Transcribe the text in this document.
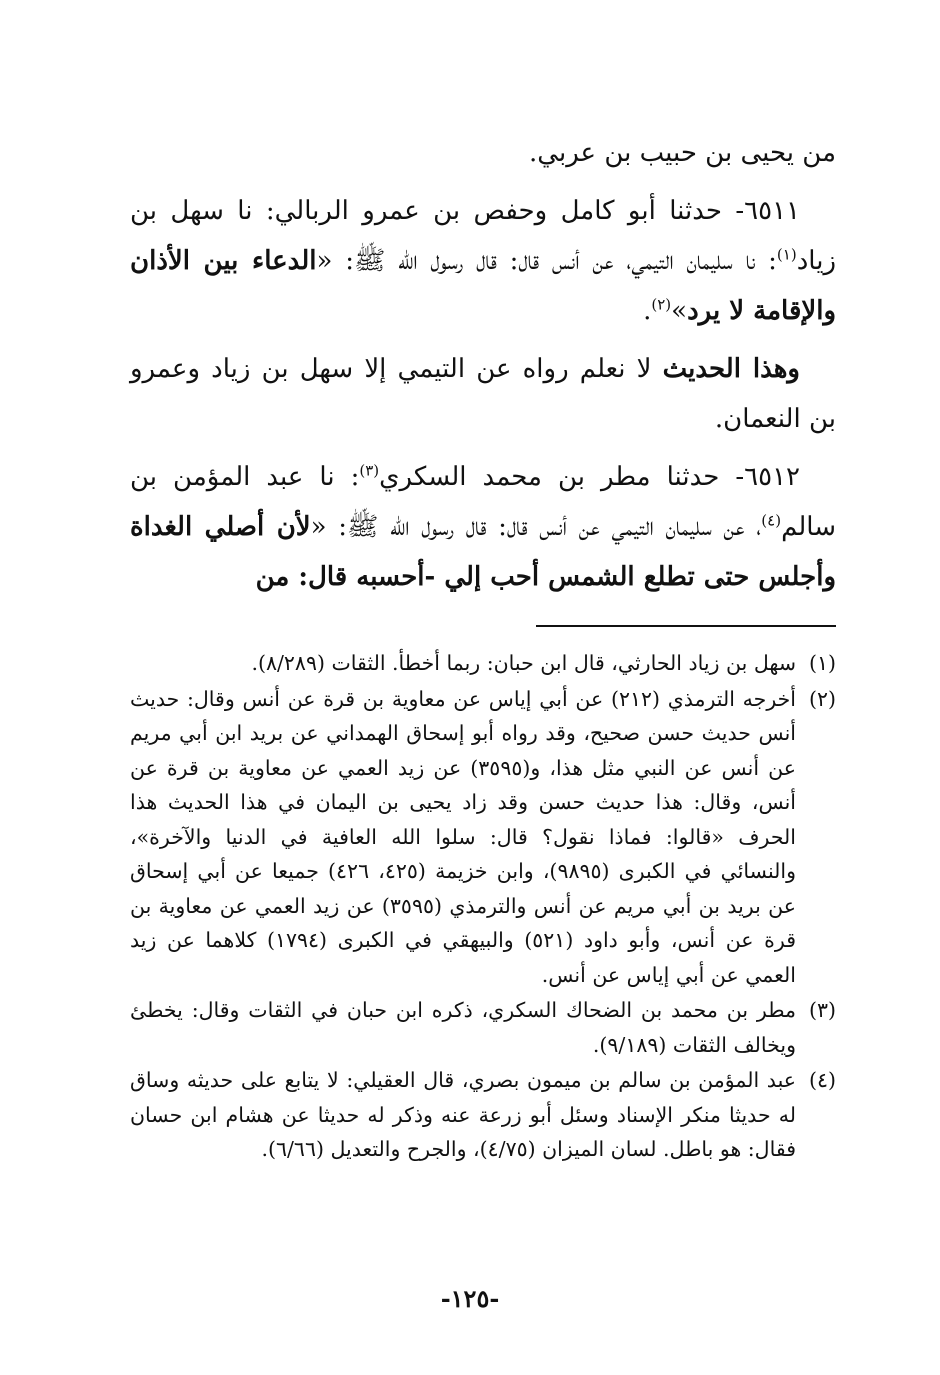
من يحيى بن حبيب بن عربي.

٦٥١١- حدثنا أبو كامل وحفص بن عمرو الربالي: نا سهل بن زياد$^{(١)}$: نا سليمان التيمي، عن أنس قال: قال رسول الله ﷺ: «الدعاء بين الأذان والإقامة لا يرد»$^{(٢)}$.

وهذا الحديث لا نعلم رواه عن التيمي إلا سهل بن زياد وعمرو بن النعمان.

٦٥١٢- حدثنا مطر بن محمد السكري$^{(٣)}$: نا عبد المؤمن بن سالم$^{(٤)}$، عن سليمان التيمي عن أنس قال: قال رسول الله ﷺ: «لأن أصلي الغداة وأجلس حتى تطلع الشمس أحب إلي -أحسبه قال: من

(١)
سهل بن زياد الحارثي، قال ابن حبان: ربما أخطأ. الثقات (٨/٢٨٩).
(٢)
أخرجه الترمذي (٢١٢) عن أبي إياس عن معاوية بن قرة عن أنس وقال: حديث أنس حديث حسن صحيح، وقد رواه أبو إسحاق الهمداني عن بريد ابن أبي مريم عن أنس عن النبي مثل هذا، و(٣٥٩٥) عن زيد العمي عن معاوية بن قرة عن أنس، وقال: هذا حديث حسن وقد زاد يحيى بن اليمان في هذا الحديث هذا الحرف «قالوا: فماذا نقول؟ قال: سلوا الله العافية في الدنيا والآخرة»، والنسائي في الكبرى (٩٨٩٥)، وابن خزيمة (٤٢٥، ٤٢٦) جميعا عن أبي إسحاق عن بريد بن أبي مريم عن أنس والترمذي (٣٥٩٥) عن زيد العمي عن معاوية بن قرة عن أنس، وأبو داود (٥٢١) والبيهقي في الكبرى (١٧٩٤) كلاهما عن زيد العمي عن أبي إياس عن أنس.
(٣)
مطر بن محمد بن الضحاك السكري، ذكره ابن حبان في الثقات وقال: يخطئ ويخالف الثقات (٩/١٨٩).
(٤)
عبد المؤمن بن سالم بن ميمون بصري، قال العقيلي: لا يتابع على حديثه وساق له حديثا منكر الإسناد وسئل أبو زرعة عنه وذكر له حديثا عن هشام ابن حسان فقال: هو باطل. لسان الميزان (٤/٧٥)، والجرح والتعديل (٦/٦٦).
-١٢٥-
